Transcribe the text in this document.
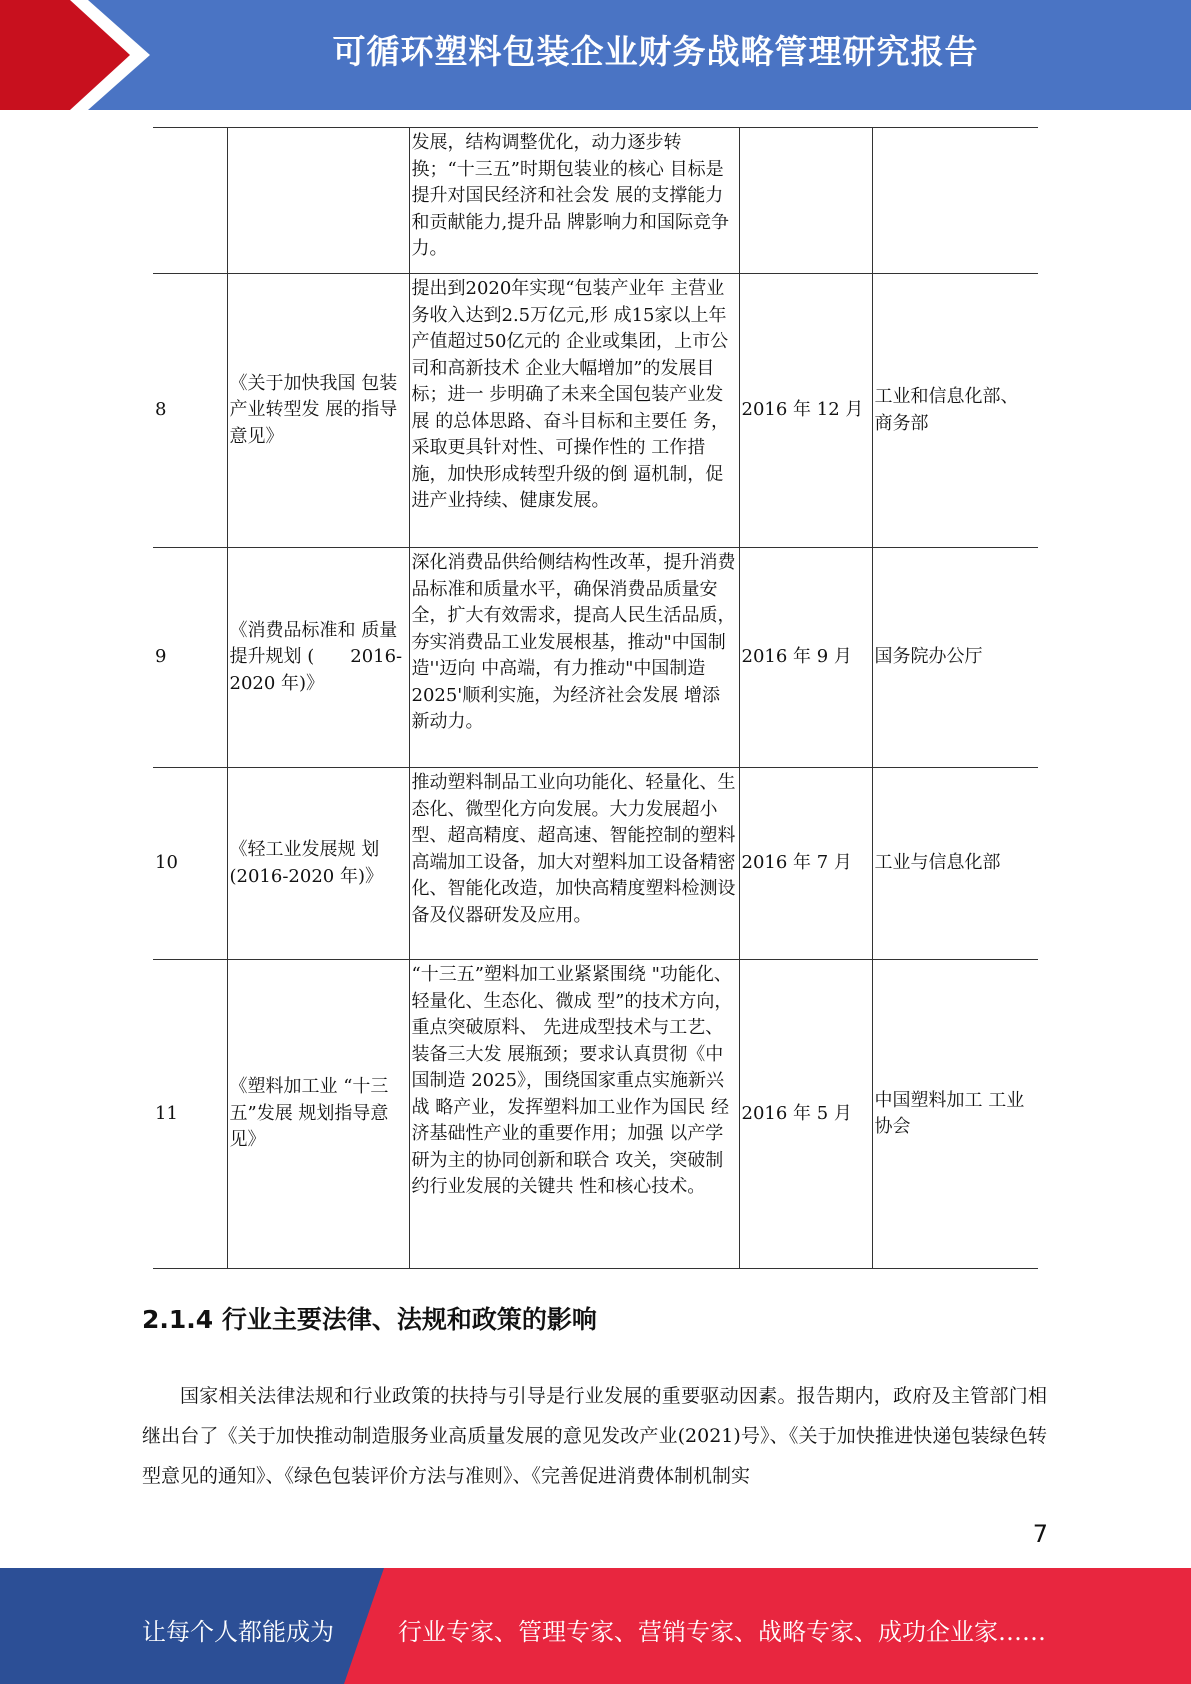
可循环塑料包装企业财务战略管理研究报告
		发展，结构调整优化，动力逐步转换；“十三五”时期包装业的核心 目标是提升对国民经济和社会发 展的支撑能力和贡献能力,提升品 牌影响力和国际竞争力。		
8	《关于加快我国 包装产业转型发 展的指导意见》	提出到2020年实现“包装产业年 主营业务收入达到2.5万亿元,形 成15家以上年产值超过50亿元的 企业或集团，上市公司和高新技术 企业大幅增加”的发展目标；进一 步明确了未来全国包装产业发展 的总体思路、奋斗目标和主要任 务，采取更具针对性、可操作性的 工作措施，加快形成转型升级的倒 逼机制，促进产业持续、健康发展。	2016 年 12 月	工业和信息化部、商务部
9	《消费品标准和 质量提升规划 (　　2016-2020 年)》	深化消费品供给侧结构性改革，提升消费品标准和质量水平，确保消费品质量安全，扩大有效需求，提高人民生活品质，夯实消费品工业发展根基，推动"中国制造''迈向 中高端，有力推动"中国制造 2025'顺利实施，为经济社会发展 增添新动力。	2016 年 9 月	国务院办公厅
10	《轻工业发展规 划(2016-2020 年)》	推动塑料制品工业向功能化、轻量化、生态化、微型化方向发展。大力发展超小型、超高精度、超高速、智能控制的塑料高端加工设备，加大对塑料加工设备精密化、智能化改造，加快高精度塑料检测设备及仪器研发及应用。	2016 年 7 月	工业与信息化部
11	《塑料加工业 “十三五”发展 规划指导意见》	“十三五”塑料加工业紧紧围绕 "功能化、轻量化、生态化、微成 型”的技术方向，重点突破原料、 先进成型技术与工艺、装备三大发 展瓶颈；要求认真贯彻《中国制造 2025》，围绕国家重点实施新兴战 略产业，发挥塑料加工业作为国民 经济基础性产业的重要作用；加强 以产学研为主的协同创新和联合 攻关，突破制约行业发展的关键共 性和核心技术。	2016 年 5 月	中国塑料加工 工业协会
2.1.4 行业主要法律、法规和政策的影响
国家相关法律法规和行业政策的扶持与引导是行业发展的重要驱动因素。报告期内，政府及主管部门相继出台了《关于加快推动制造服务业高质量发展的意见发改产业(2021)号》、《关于加快推进快递包装绿色转型意见的通知》、《绿色包装评价方法与准则》、《完善促进消费体制机制实
7
让每个人都能成为	行业专家、管理专家、营销专家、战略专家、成功企业家……
